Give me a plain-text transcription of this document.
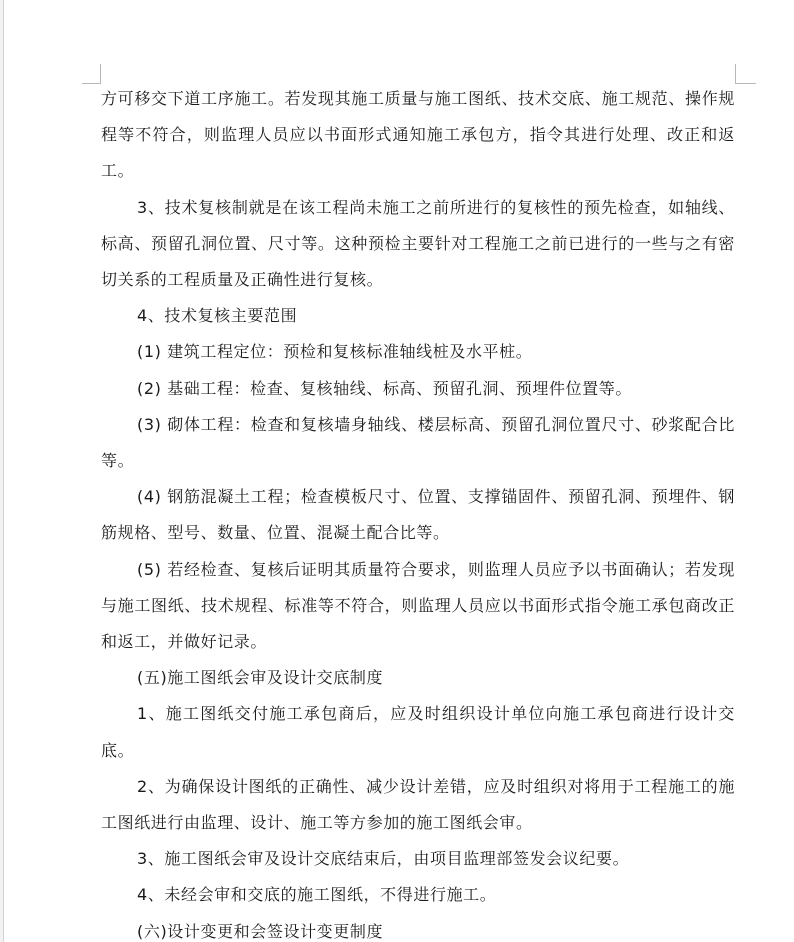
方可移交下道工序施工。若发现其施工质量与施工图纸、技术交底、施工规范、操作规程等不符合，则监理人员应以书面形式通知施工承包方，指令其进行处理、改正和返工。

3、技术复核制就是在该工程尚未施工之前所进行的复核性的预先检查，如轴线、标高、预留孔洞位置、尺寸等。这种预检主要针对工程施工之前已进行的一些与之有密切关系的工程质量及正确性进行复核。

4、技术复核主要范围

(1) 建筑工程定位：预检和复核标准轴线桩及水平桩。

(2) 基础工程：检查、复核轴线、标高、预留孔洞、预埋件位置等。

(3) 砌体工程：检查和复核墙身轴线、楼层标高、预留孔洞位置尺寸、砂浆配合比等。

(4) 钢筋混凝土工程；检查模板尺寸、位置、支撑锚固件、预留孔洞、预埋件、钢筋规格、型号、数量、位置、混凝土配合比等。

(5) 若经检查、复核后证明其质量符合要求，则监理人员应予以书面确认；若发现与施工图纸、技术规程、标准等不符合，则监理人员应以书面形式指令施工承包商改正和返工，并做好记录。

(五)施工图纸会审及设计交底制度

1、施工图纸交付施工承包商后，应及时组织设计单位向施工承包商进行设计交底。

2、为确保设计图纸的正确性、减少设计差错，应及时组织对将用于工程施工的施工图纸进行由监理、设计、施工等方参加的施工图纸会审。

3、施工图纸会审及设计交底结束后，由项目监理部签发会议纪要。

4、未经会审和交底的施工图纸，不得进行施工。

(六)设计变更和会签设计变更制度
